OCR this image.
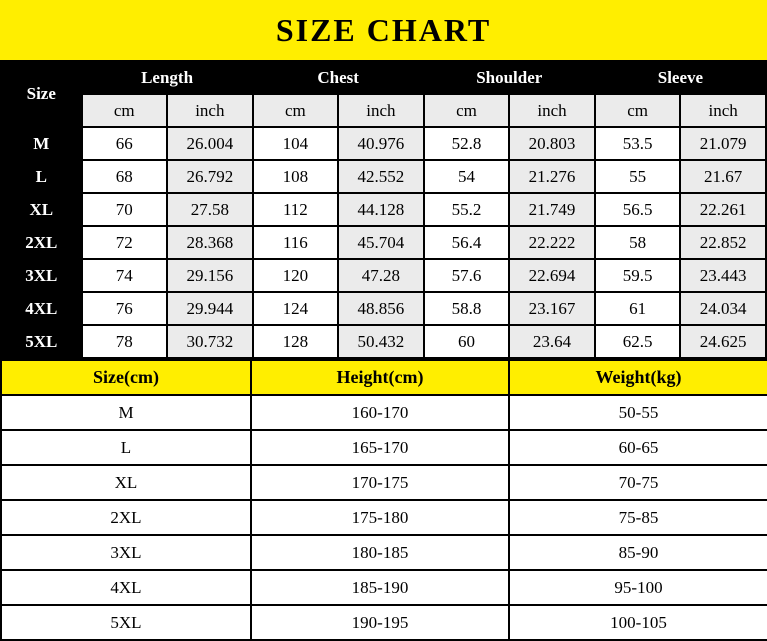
SIZE CHART
Size	Length		Chest		Shoulder		Sleeve	
	cm	inch	cm	inch	cm	inch	cm	inch
M	66	26.004	104	40.976	52.8	20.803	53.5	21.079
L	68	26.792	108	42.552	54	21.276	55	21.67
XL	70	27.58	112	44.128	55.2	21.749	56.5	22.261
2XL	72	28.368	116	45.704	56.4	22.222	58	22.852
3XL	74	29.156	120	47.28	57.6	22.694	59.5	23.443
4XL	76	29.944	124	48.856	58.8	23.167	61	24.034
5XL	78	30.732	128	50.432	60	23.64	62.5	24.625
Size(cm)	Height(cm)	Weight(kg)
M	160-170	50-55
L	165-170	60-65
XL	170-175	70-75
2XL	175-180	75-85
3XL	180-185	85-90
4XL	185-190	95-100
5XL	190-195	100-105
